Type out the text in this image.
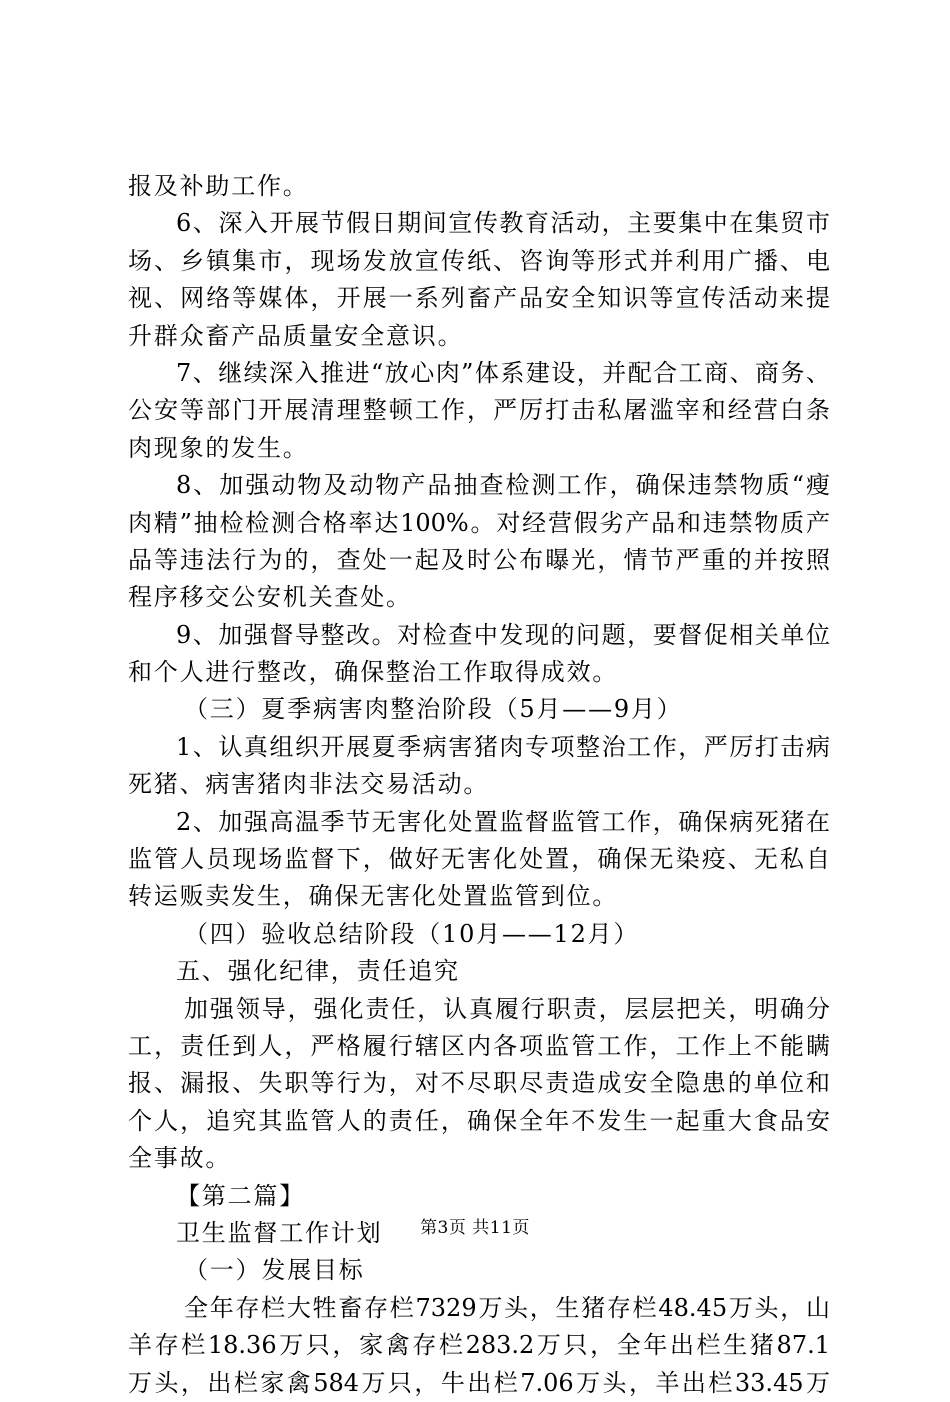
报及补助工作。
6、深入开展节假日期间宣传教育活动，主要集中在集贸市
场、乡镇集市，现场发放宣传纸、咨询等形式并利用广播、电
视、网络等媒体，开展一系列畜产品安全知识等宣传活动来提
升群众畜产品质量安全意识。
7、继续深入推进“放心肉”体系建设，并配合工商、商务、
公安等部门开展清理整顿工作，严厉打击私屠滥宰和经营白条
肉现象的发生。
8、加强动物及动物产品抽查检测工作，确保违禁物质“瘦
肉精”抽检检测合格率达100%。对经营假劣产品和违禁物质产
品等违法行为的，查处一起及时公布曝光，情节严重的并按照
程序移交公安机关查处。
9、加强督导整改。对检查中发现的问题，要督促相关单位
和个人进行整改，确保整治工作取得成效。
（三）夏季病害肉整治阶段（5月——9月）
1、认真组织开展夏季病害猪肉专项整治工作，严厉打击病
死猪、病害猪肉非法交易活动。
2、加强高温季节无害化处置监督监管工作，确保病死猪在
监管人员现场监督下，做好无害化处置，确保无染疫、无私自
转运贩卖发生，确保无害化处置监管到位。
（四）验收总结阶段（10月——12月）
五、强化纪律，责任追究
加强领导，强化责任，认真履行职责，层层把关，明确分
工，责任到人，严格履行辖区内各项监管工作，工作上不能瞒
报、漏报、失职等行为，对不尽职尽责造成安全隐患的单位和
个人，追究其监管人的责任，确保全年不发生一起重大食品安
全事故。
【第二篇】
卫生监督工作计划
（一）发展目标
全年存栏大牲畜存栏7329万头，生猪存栏48.45万头，山
羊存栏18.36万只，家禽存栏283.2万只，全年出栏生猪87.1
万头，出栏家禽584万只，牛出栏7.06万头，羊出栏33.45万
第3页 共11页
